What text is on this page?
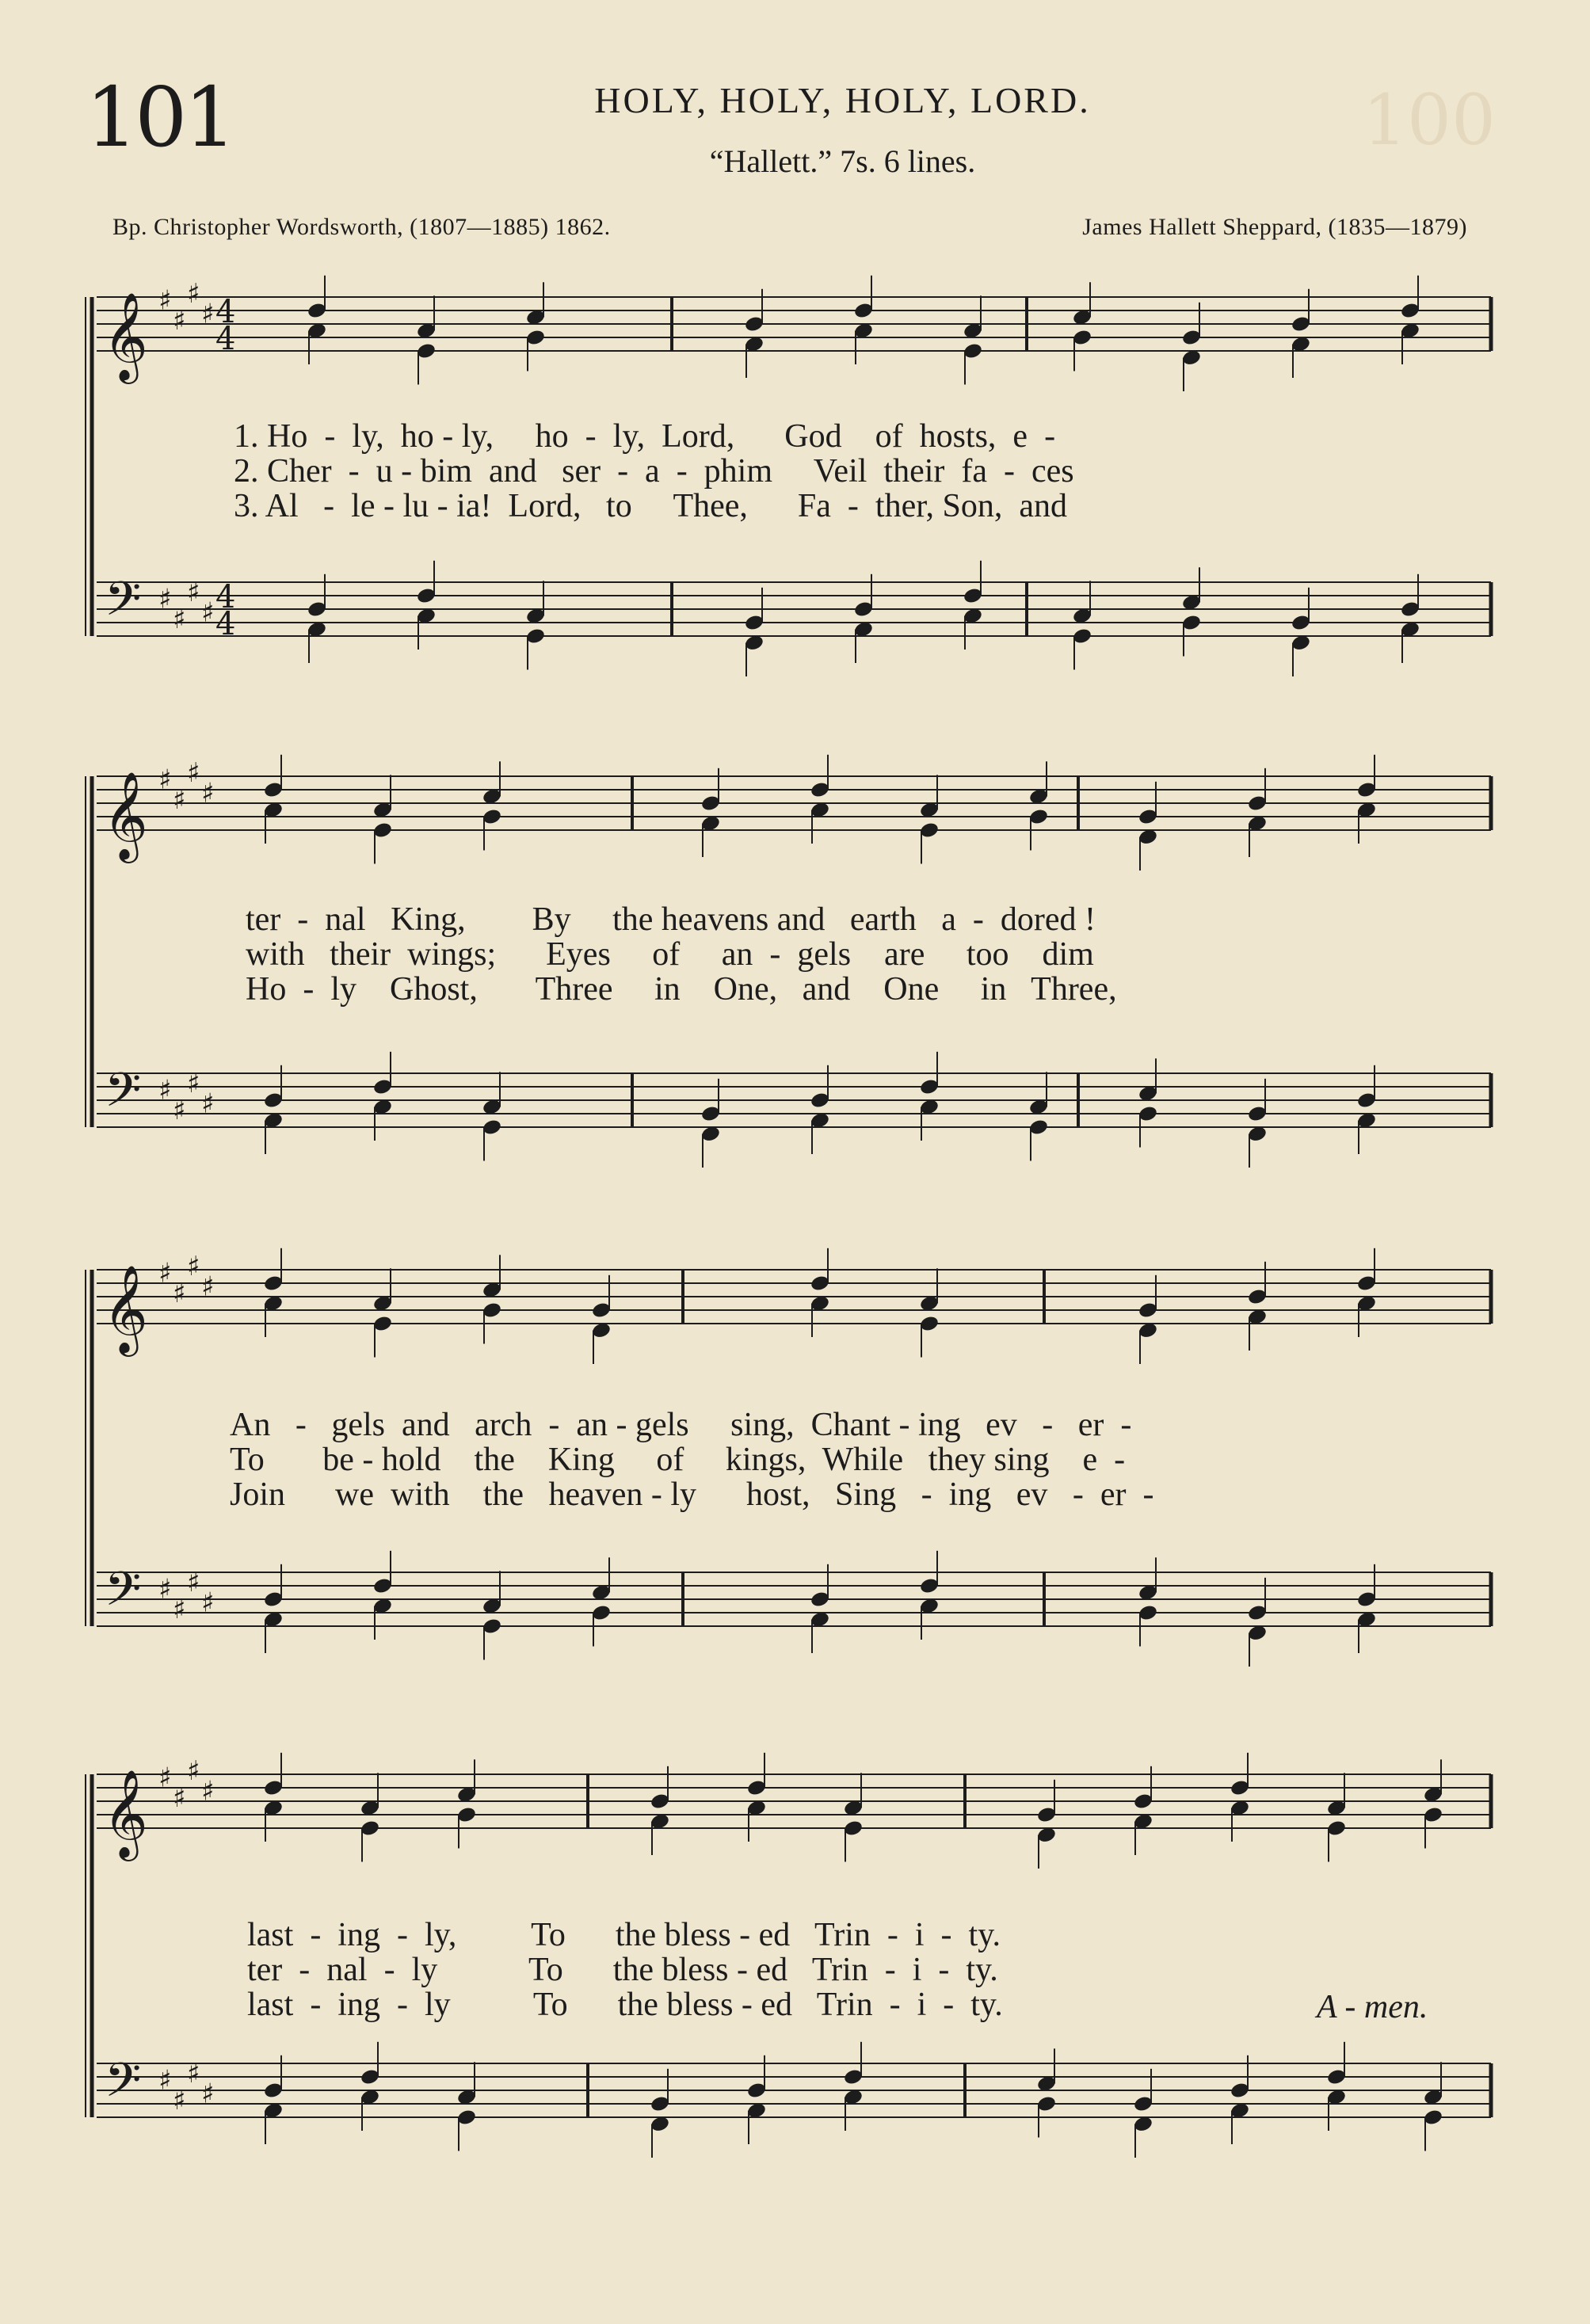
101	100
HOLY, HOLY, HOLY, LORD.
“Hallett.” 7s. 6 lines.
Bp. Christopher Wordsworth, (1807—1885) 1862.	James Hallett Sheppard, (1835—1879)
𝄞 ♯
♯
♯
♯ 4
4
𝄢 ♯
♯
♯
♯ 4
4
𝄞 ♯
♯
♯
♯
𝄢 ♯
♯
♯
♯
𝄞 ♯
♯
♯
♯
𝄢 ♯
♯
♯
♯
𝄞 ♯
♯
♯
♯
𝄢 ♯
♯
♯
♯
1. Ho  -  ly,  ho - ly,     ho  -  ly,  Lord,      God    of  hosts,  e  -
2. Cher  -  u - bim  and   ser  -  a  -  phim     Veil  their  fa  -  ces
3. Al   -  le - lu - ia!  Lord,   to     Thee,      Fa  -  ther, Son,  and
ter  -  nal   King,        By     the heavens and   earth   a  -  dored !
with   their  wings;      Eyes     of     an  -  gels    are     too    dim
Ho  -  ly    Ghost,       Three     in    One,   and    One     in   Three,
An   -   gels  and   arch  -  an - gels     sing,  Chant - ing   ev   -   er  -
To       be - hold    the    King     of     kings,  While   they sing    e  -
Join      we  with    the   heaven - ly      host,   Sing   -  ing   ev   -  er  -
last  -  ing  -  ly,         To      the bless - ed   Trin  -  i  -  ty.
ter  -  nal  -  ly           To      the bless - ed   Trin  -  i  -  ty.
last  -  ing  -  ly          To      the bless - ed   Trin  -  i  -  ty.	A - men.
